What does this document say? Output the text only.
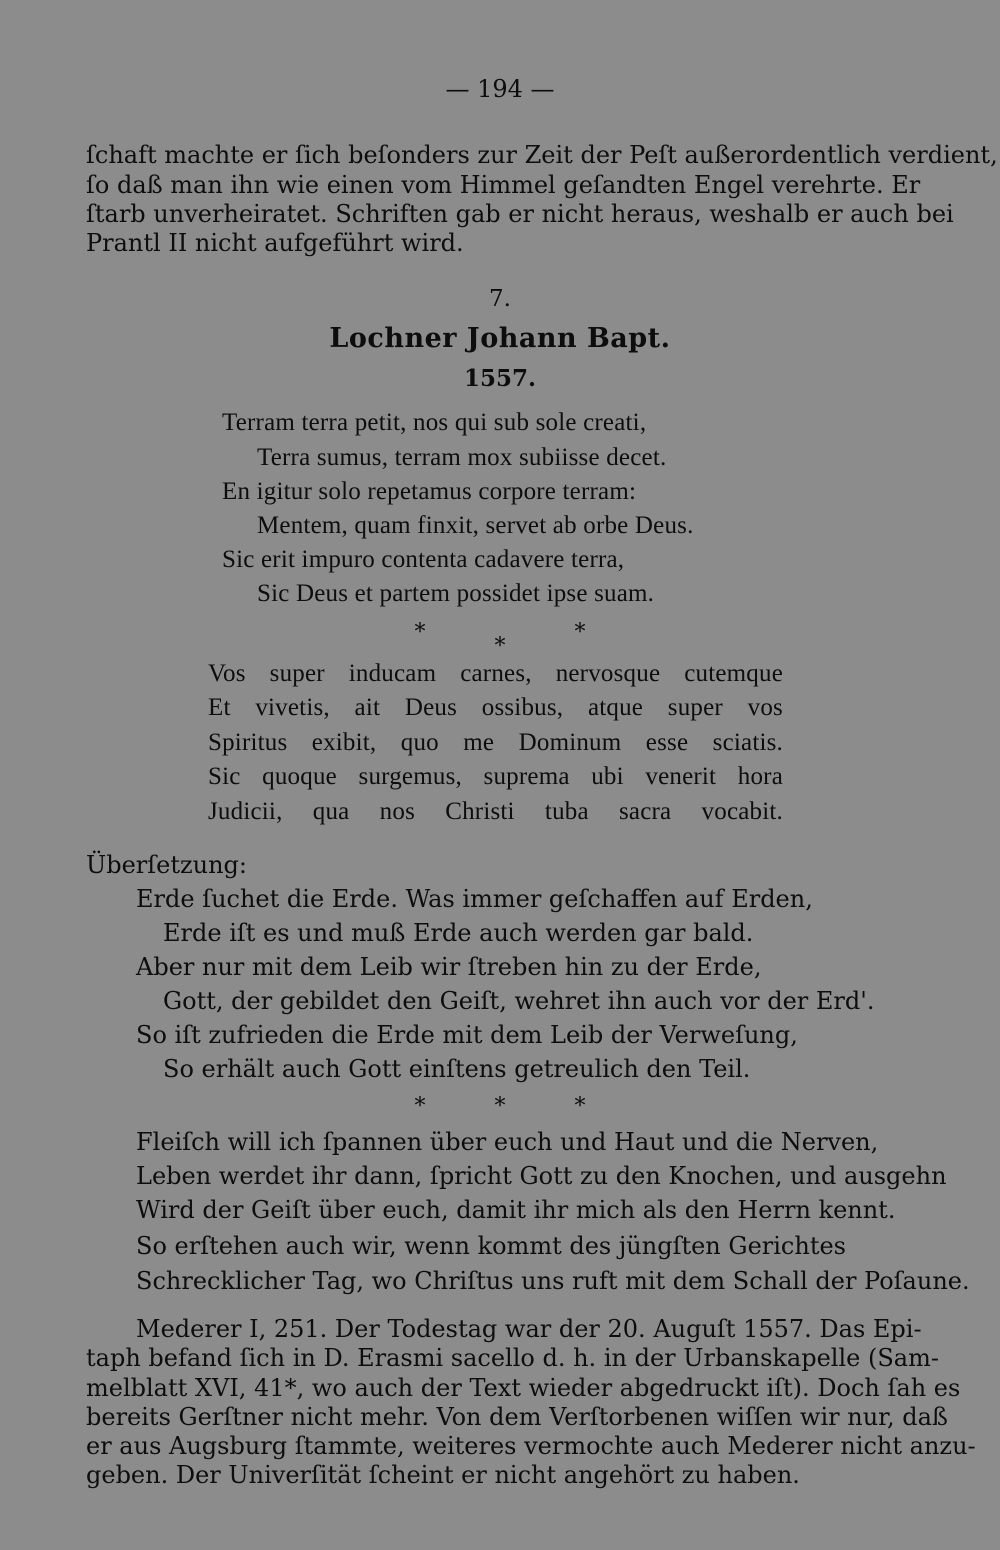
— 194 —
ſchaft machte er ſich beſonders zur Zeit der Peſt außerordentlich verdient,
ſo daß man ihn wie einen vom Himmel geſandten Engel verehrte. Er
ſtarb unverheiratet. Schriften gab er nicht heraus, weshalb er auch bei
Prantl II nicht aufgeführt wird.
7.
Lochner Johann Bapt.
1557.
Terram terra petit, nos qui sub sole creati,
Terra sumus, terram mox subiisse decet.
En igitur solo repetamus corpore terram:
Mentem, quam finxit, servet ab orbe Deus.
Sic erit impuro contenta cadavere terra,
Sic Deus et partem possidet ipse suam.
***
Vos super inducam carnes, nervosque cutemque
Et vivetis, ait Deus ossibus, atque super vos
Spiritus exibit, quo me Dominum esse sciatis.
Sic quoque surgemus, suprema ubi venerit hora
Judicii, qua nos Christi tuba sacra vocabit.
Überſetzung:
Erde ſuchet die Erde. Was immer geſchaffen auf Erden,
Erde iſt es und muß Erde auch werden gar bald.
Aber nur mit dem Leib wir ſtreben hin zu der Erde,
Gott, der gebildet den Geiſt, wehret ihn auch vor der Erd'.
So iſt zufrieden die Erde mit dem Leib der Verweſung,
So erhält auch Gott einſtens getreulich den Teil.
*	*	*
Fleiſch will ich ſpannen über euch und Haut und die Nerven,
Leben werdet ihr dann, ſpricht Gott zu den Knochen, und ausgehn
Wird der Geiſt über euch, damit ihr mich als den Herrn kennt.
So erſtehen auch wir, wenn kommt des jüngſten Gerichtes
Schrecklicher Tag, wo Chriſtus uns ruft mit dem Schall der Poſaune.
Mederer I, 251. Der Todestag war der 20. Auguſt 1557. Das Epi-
taph befand ſich in D. Erasmi sacello d. h. in der Urbanskapelle (Sam-
melblatt XVI, 41*, wo auch der Text wieder abgedruckt iſt). Doch ſah es
bereits Gerſtner nicht mehr. Von dem Verſtorbenen wiſſen wir nur, daß
er aus Augsburg ſtammte, weiteres vermochte auch Mederer nicht anzu-
geben. Der Univerſität ſcheint er nicht angehört zu haben.
